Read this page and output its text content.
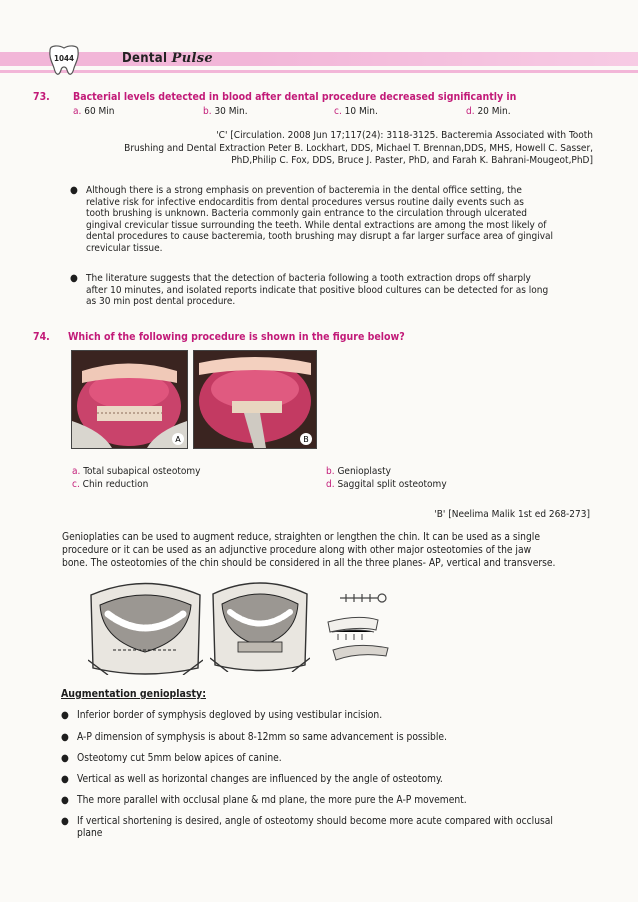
1044	Dental Pulse
73. Bacterial levels detected in blood after dental procedure decreased significantly in
a. 60 Min	b. 30 Min.	c. 10 Min.	d. 20 Min.
'C' [Circulation. 2008 Jun 17;117(24): 3118-3125. Bacteremia Associated with Tooth
Brushing and Dental Extraction Peter B. Lockhart, DDS, Michael T. Brennan,DDS, MHS, Howell C. Sasser,
PhD,Philip C. Fox, DDS, Bruce J. Paster, PhD, and Farah K. Bahrani-Mougeot,PhD]
● Although there is a strong emphasis on prevention of bacteremia in the dental office setting, the
relative risk for infective endocarditis from dental procedures versus routine daily events such as
tooth brushing is unknown. Bacteria commonly gain entrance to the circulation through ulcerated
gingival crevicular tissue surrounding the teeth. While dental extractions are among the most likely of
dental procedures to cause bacteremia, tooth brushing may disrupt a far larger surface area of gingival
crevicular tissue.
● The literature suggests that the detection of bacteria following a tooth extraction drops off sharply
after 10 minutes, and isolated reports indicate that positive blood cultures can be detected for as long
as 30 min post dental procedure.
74. Which of the following procedure is shown in the figure below?
A	B
a. Total subapical osteotomy	b. Genioplasty
c. Chin reduction	d. Saggital split osteotomy
'B' [Neelima Malik 1st ed 268-273]
Genioplaties can be used to augment reduce, straighten or lengthen the chin. It can be used as a single
procedure or it can be used as an adjunctive procedure along with other major osteotomies of the jaw
bone. The osteotomies of the chin should be considered in all the three planes- AP, vertical and transverse.
Augmentation genioplasty:
● Inferior border of symphysis degloved by using vestibular incision.
● A-P dimension of symphysis is about 8-12mm so same advancement is possible.
● Osteotomy cut 5mm below apices of canine.
● Vertical as well as horizontal changes are influenced by the angle of osteotomy.
● The more parallel with occlusal plane & md plane, the more pure the A-P movement.
● If vertical shortening is desired, angle of osteotomy should become more acute compared with occlusal
plane
